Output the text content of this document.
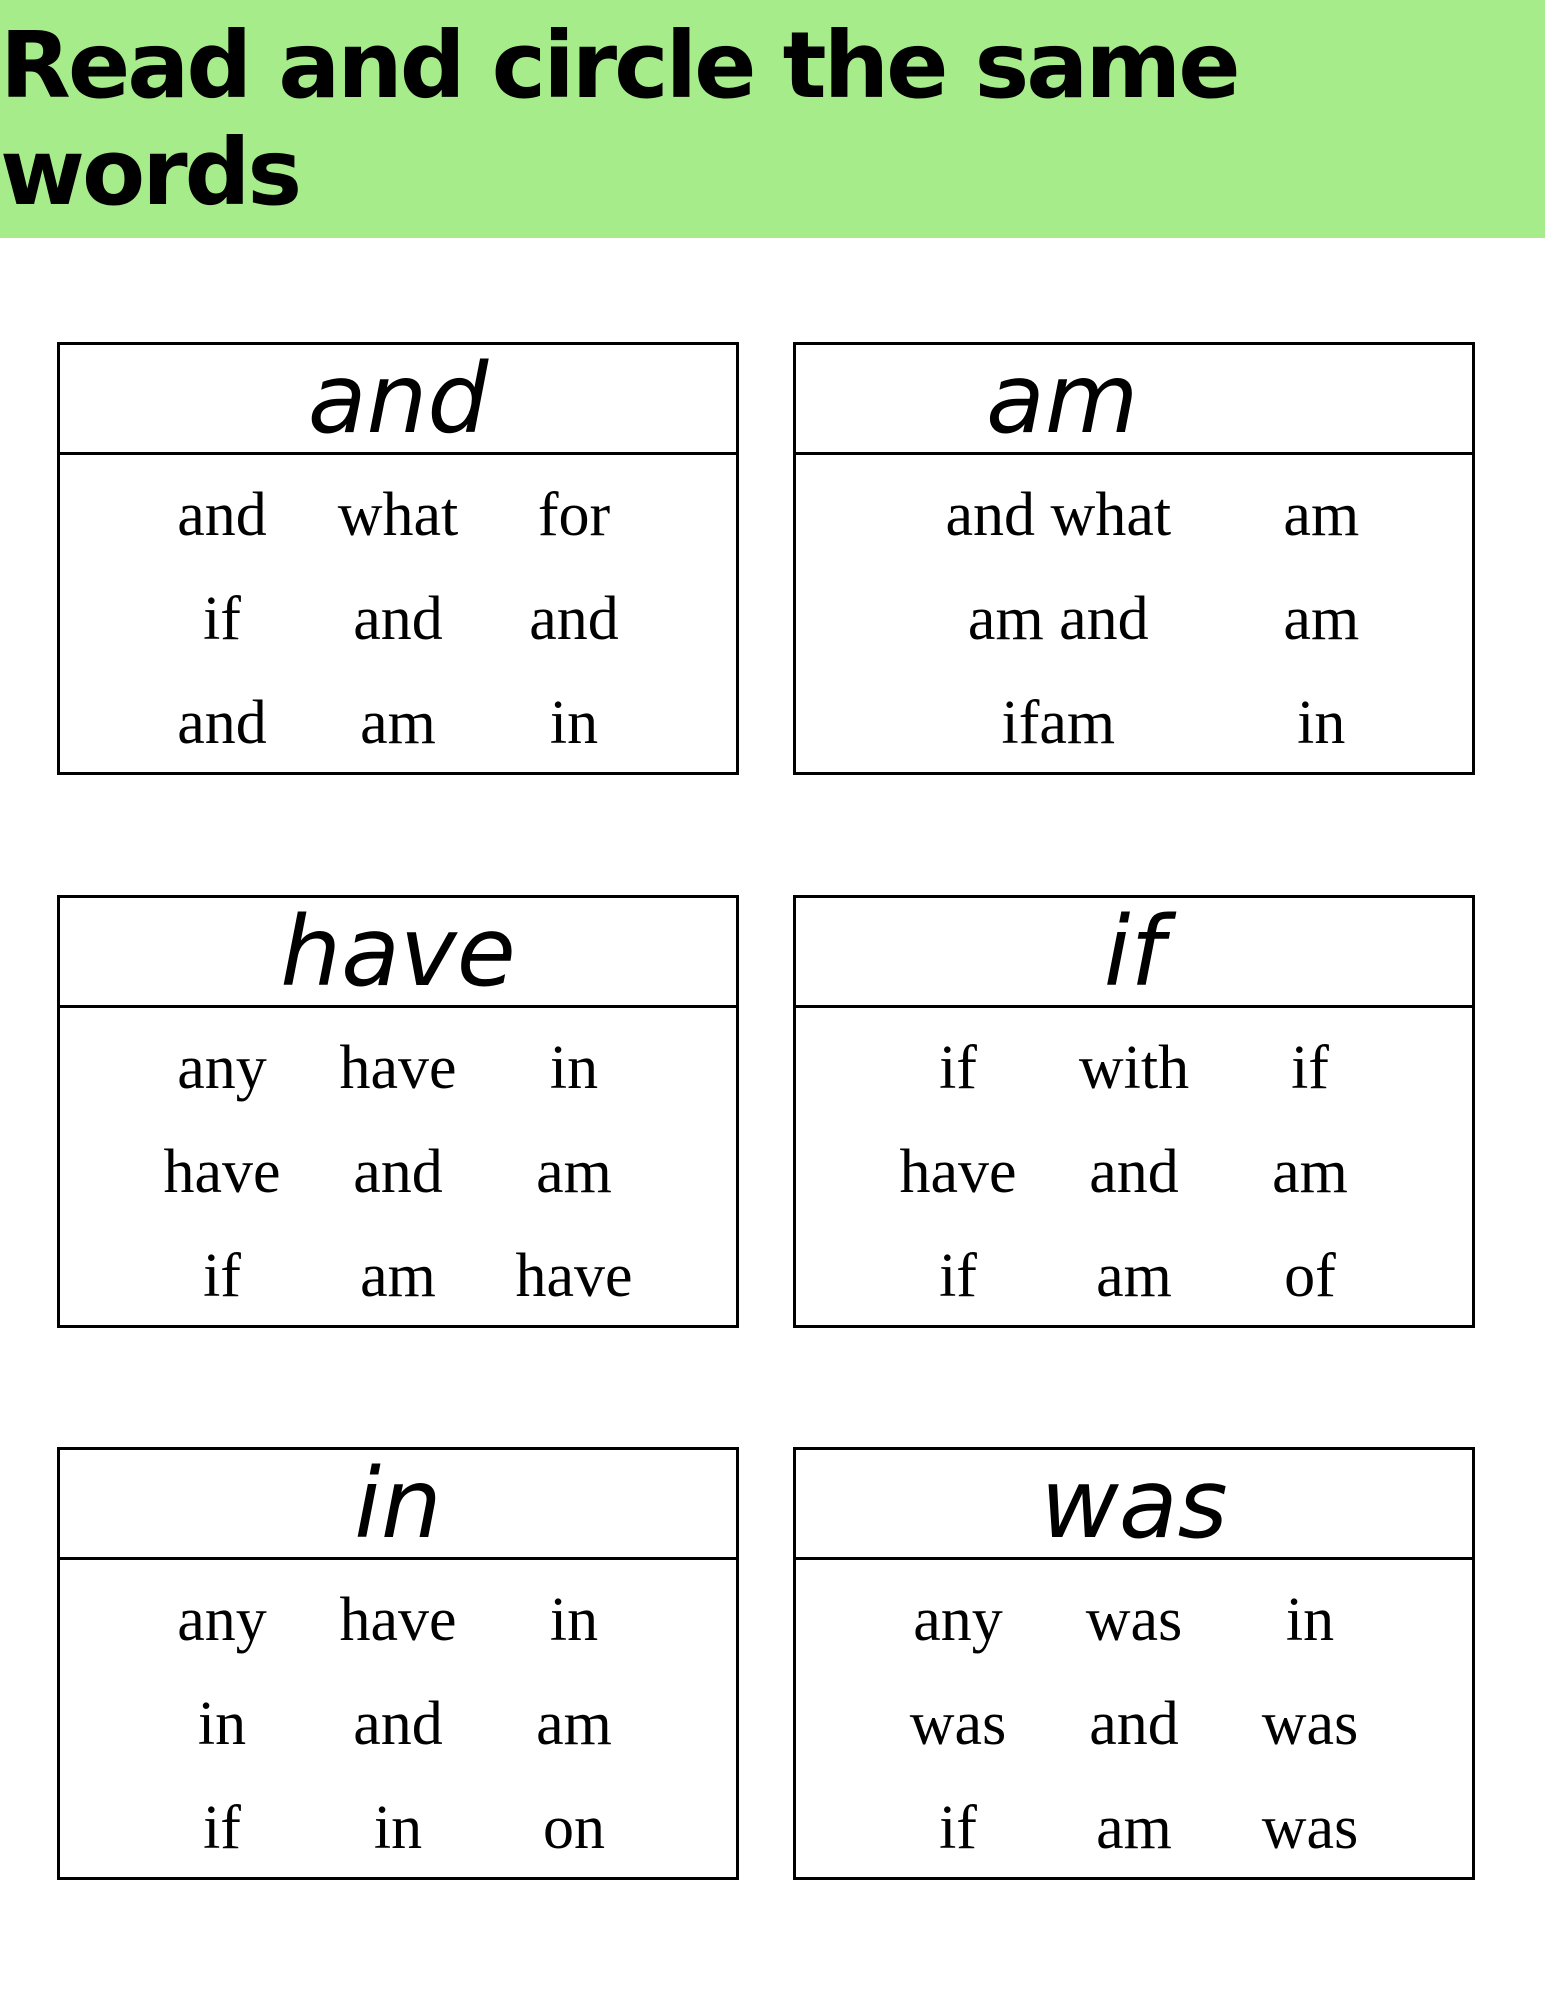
Read and circle the same words
and
and	what	for
if	and	and
and	am	in
am
and what	am
am and	am
ifam	in
have
any	have	in
have	and	am
if	am	have
if
if	with	if
have	and	am
if	am	of
in
any	have	in
in	and	am
if	in	on
was
any	was	in
was	and	was
if	am	was
